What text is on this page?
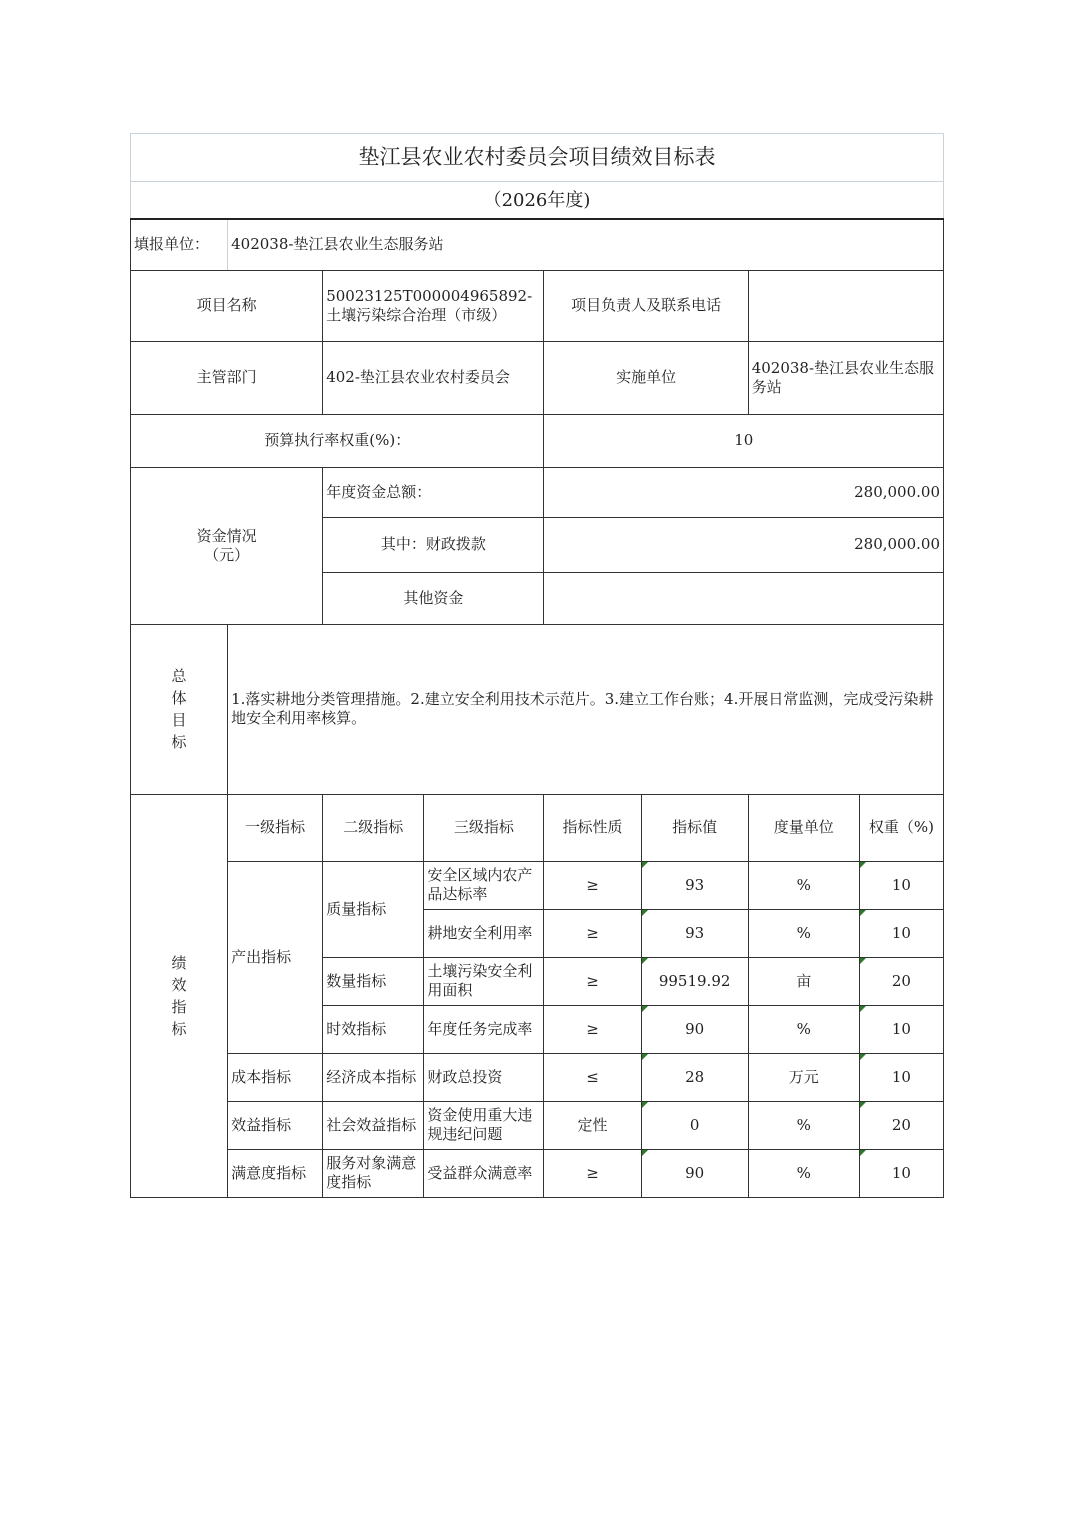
垫江县农业农村委员会项目绩效目标表							
（2026年度)							
填报单位：	402038-垫江县农业生态服务站						
项目名称		50023125T000004965892-土壤污染综合治理（市级）		项目负责人及联系电话			
主管部门		402-垫江县农业农村委员会		实施单位		402038-垫江县农业生态服务站	
预算执行率权重(%)：				10			

资金情况
（元）		年度资金总额：		280,000.00			
		其中：财政拨款		280,000.00			
		其他资金					

总
体
目
标	1.落实耕地分类管理措施。2.建立安全利用技术示范片。3.建立工作台账；4.开展日常监测，完成受污染耕地安全利用率核算。						

绩
效
指
标	一级指标	二级指标	三级指标	指标性质	指标值	度量单位	权重（%)
	产出指标	质量指标	安全区域内农产品达标率	≥	93	%	10
			耕地安全利用率	≥	93	%	10
		数量指标	土壤污染安全利用面积	≥	99519.92	亩	20
		时效指标	年度任务完成率	≥	90	%	10
	成本指标	经济成本指标	财政总投资	≤	28	万元	10
	效益指标	社会效益指标	资金使用重大违规违纪问题	定性	0	%	20
	满意度指标	服务对象满意度指标	受益群众满意率	≥	90	%	10
